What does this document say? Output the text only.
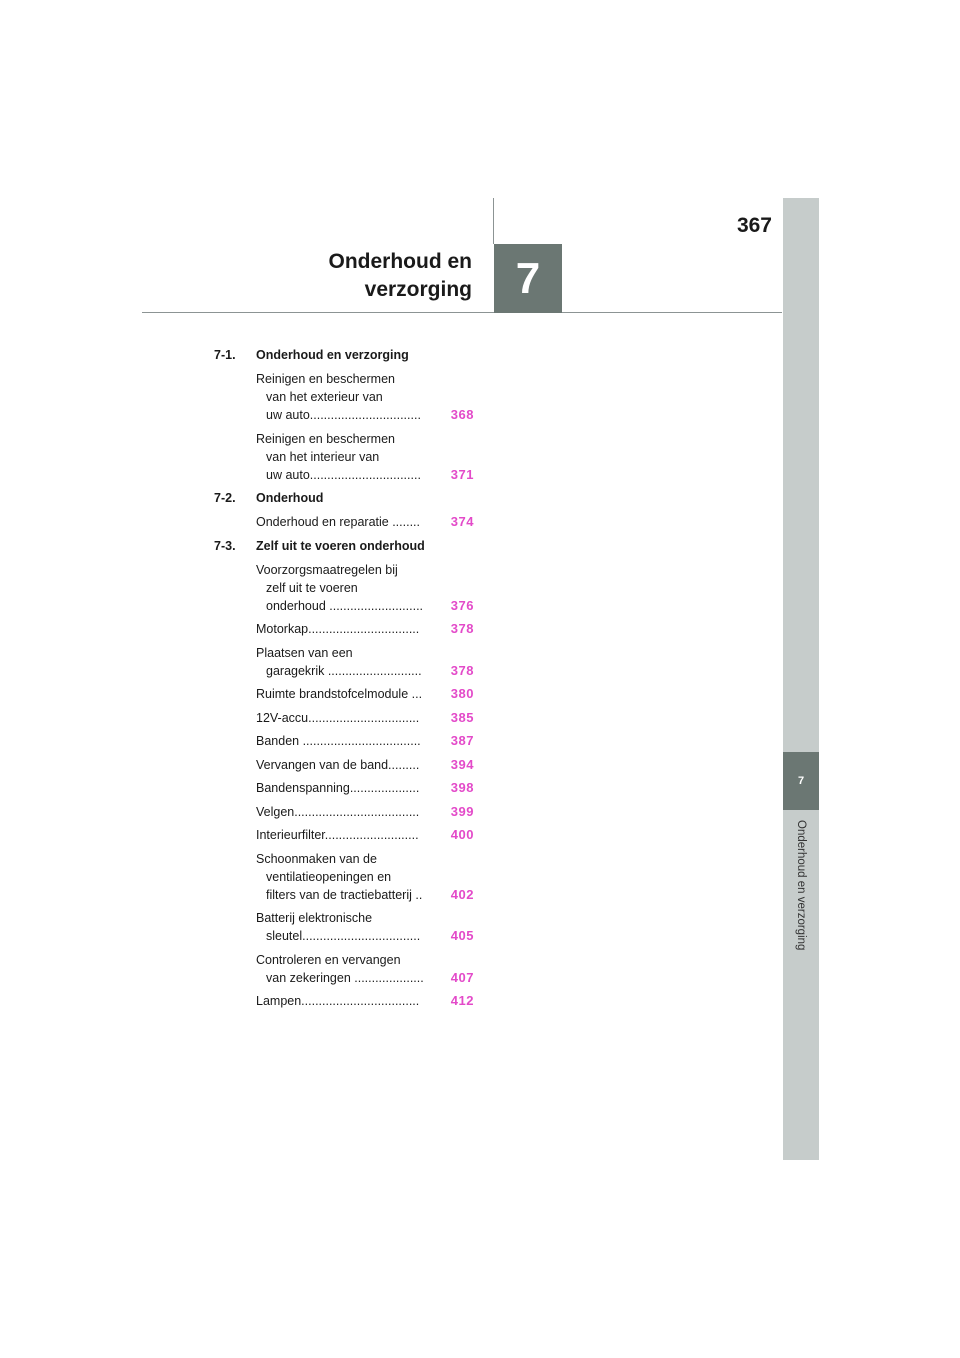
367
Onderhoud en
verzorging 7
7
Onderhoud en verzorging
7-1.	Onderhoud en verzorging
Reinigen en beschermen
van het exterieur van
uw auto................................	368
Reinigen en beschermen
van het interieur van
uw auto................................	371
7-2.	Onderhoud
Onderhoud en reparatie ........	374
7-3.	Zelf uit te voeren onderhoud
Voorzorgsmaatregelen bij
zelf uit te voeren
onderhoud ...........................	376
Motorkap................................	378
Plaatsen van een
garagekrik ...........................	378
Ruimte brandstofcelmodule ...	380
12V-accu................................	385
Banden ..................................	387
Vervangen van de band.........	394
Bandenspanning....................	398
Velgen....................................	399
Interieurfilter...........................	400
Schoonmaken van de
ventilatieopeningen en
filters van de tractiebatterij ..	402
Batterij elektronische
sleutel..................................	405
Controleren en vervangen
van zekeringen ....................	407
Lampen..................................	412
